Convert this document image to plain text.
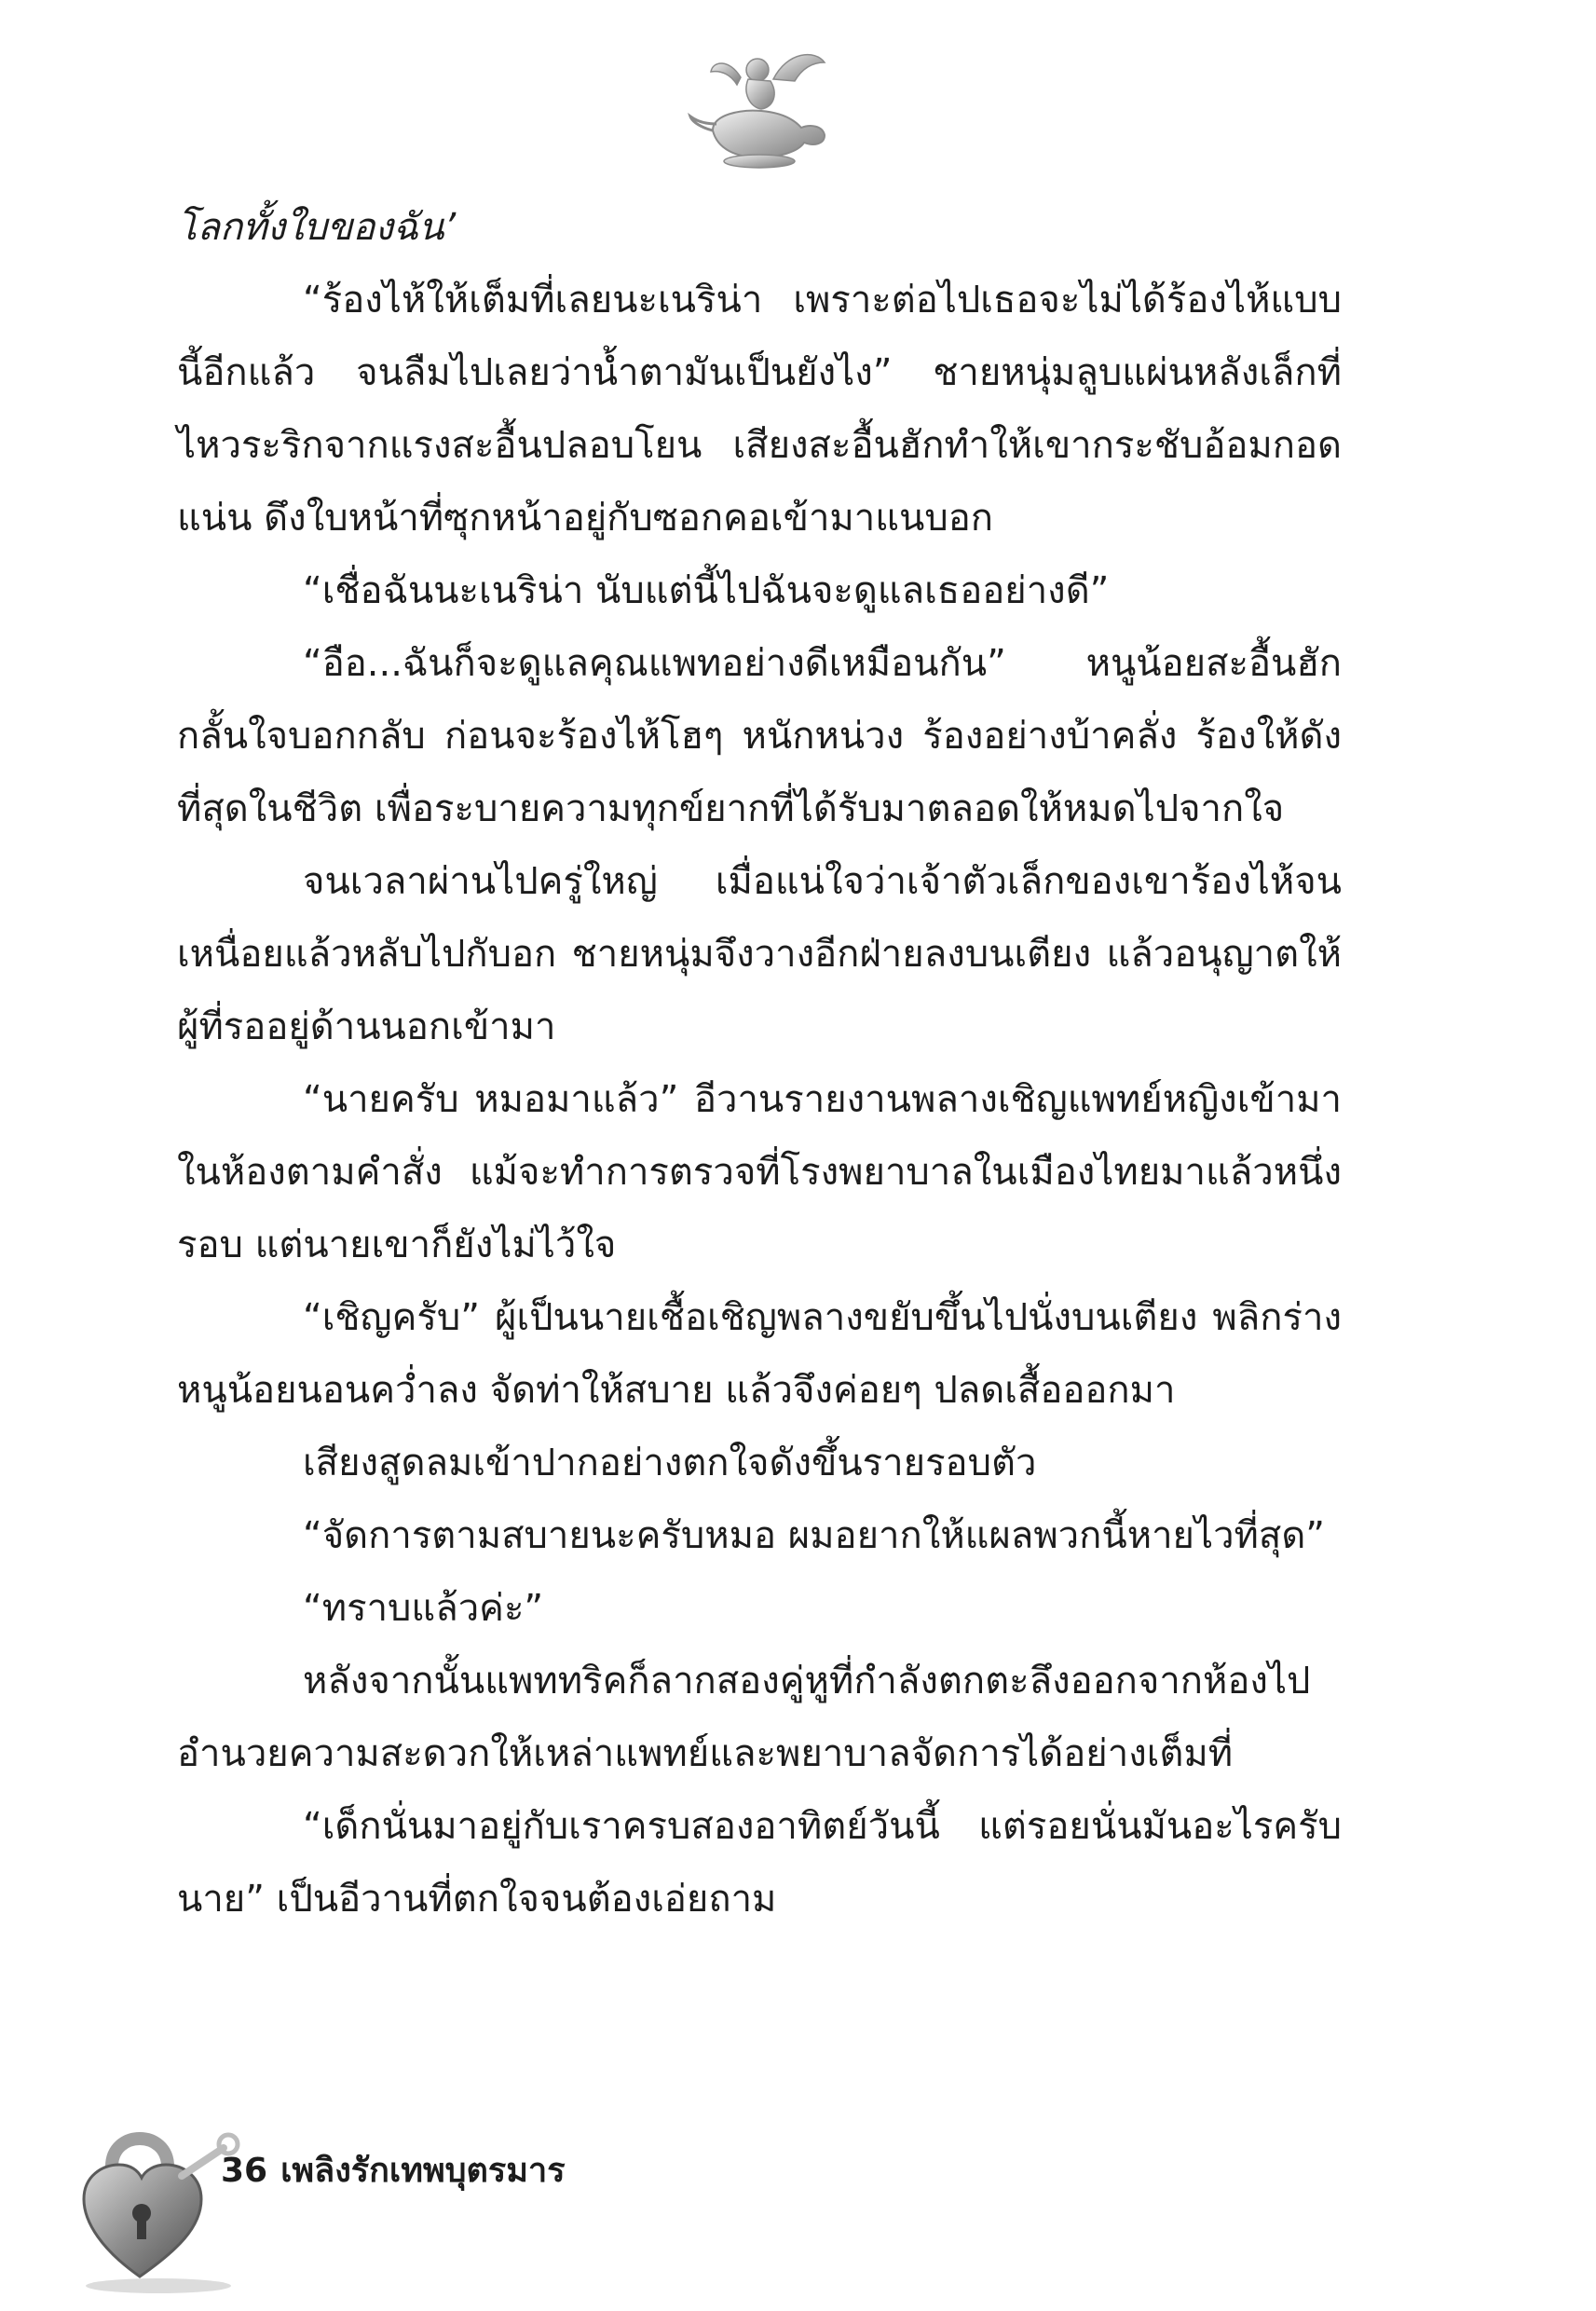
โลกทั้งใบของฉัน’

“ร้องไห้ให้เต็มที่เลยนะเนริน่า เพราะต่อไปเธอจะไม่ได้ร้องไห้แบบนี้อีกแล้ว จนลืมไปเลยว่าน้ำตามันเป็นยังไง” ชายหนุ่มลูบแผ่นหลังเล็กที่ไหวระริกจากแรงสะอื้นปลอบโยน เสียงสะอื้นฮักทำให้เขากระชับอ้อมกอดแน่น ดึงใบหน้าที่ซุกหน้าอยู่กับซอกคอเข้ามาแนบอก

“เชื่อฉันนะเนริน่า นับแต่นี้ไปฉันจะดูแลเธออย่างดี”

“อือ...ฉันก็จะดูแลคุณแพทอย่างดีเหมือนกัน” หนูน้อยสะอื้นฮักกลั้นใจบอกกลับ ก่อนจะร้องไห้โฮๆ หนักหน่วง ร้องอย่างบ้าคลั่ง ร้องให้ดังที่สุดในชีวิต เพื่อระบายความทุกข์ยากที่ได้รับมาตลอดให้หมดไปจากใจ

จนเวลาผ่านไปครู่ใหญ่ เมื่อแน่ใจว่าเจ้าตัวเล็กของเขาร้องไห้จนเหนื่อยแล้วหลับไปกับอก ชายหนุ่มจึงวางอีกฝ่ายลงบนเตียง แล้วอนุญาตให้ผู้ที่รออยู่ด้านนอกเข้ามา

“นายครับ หมอมาแล้ว” อีวานรายงานพลางเชิญแพทย์หญิงเข้ามาในห้องตามคำสั่ง แม้จะทำการตรวจที่โรงพยาบาลในเมืองไทยมาแล้วหนึ่งรอบ แต่นายเขาก็ยังไม่ไว้ใจ

“เชิญครับ” ผู้เป็นนายเชื้อเชิญพลางขยับขึ้นไปนั่งบนเตียง พลิกร่างหนูน้อยนอนคว่ำลง จัดท่าให้สบาย แล้วจึงค่อยๆ ปลดเสื้อออกมา

เสียงสูดลมเข้าปากอย่างตกใจดังขึ้นรายรอบตัว

“จัดการตามสบายนะครับหมอ ผมอยากให้แผลพวกนี้หายไวที่สุด”

“ทราบแล้วค่ะ”

หลังจากนั้นแพททริคก็ลากสองคู่หูที่กำลังตกตะลึงออกจากห้องไป อำนวยความสะดวกให้เหล่าแพทย์และพยาบาลจัดการได้อย่างเต็มที่

“เด็กนั่นมาอยู่กับเราครบสองอาทิตย์วันนี้ แต่รอยนั่นมันอะไรครับนาย” เป็นอีวานที่ตกใจจนต้องเอ่ยถาม

36 เพลิงรักเทพบุตรมาร
